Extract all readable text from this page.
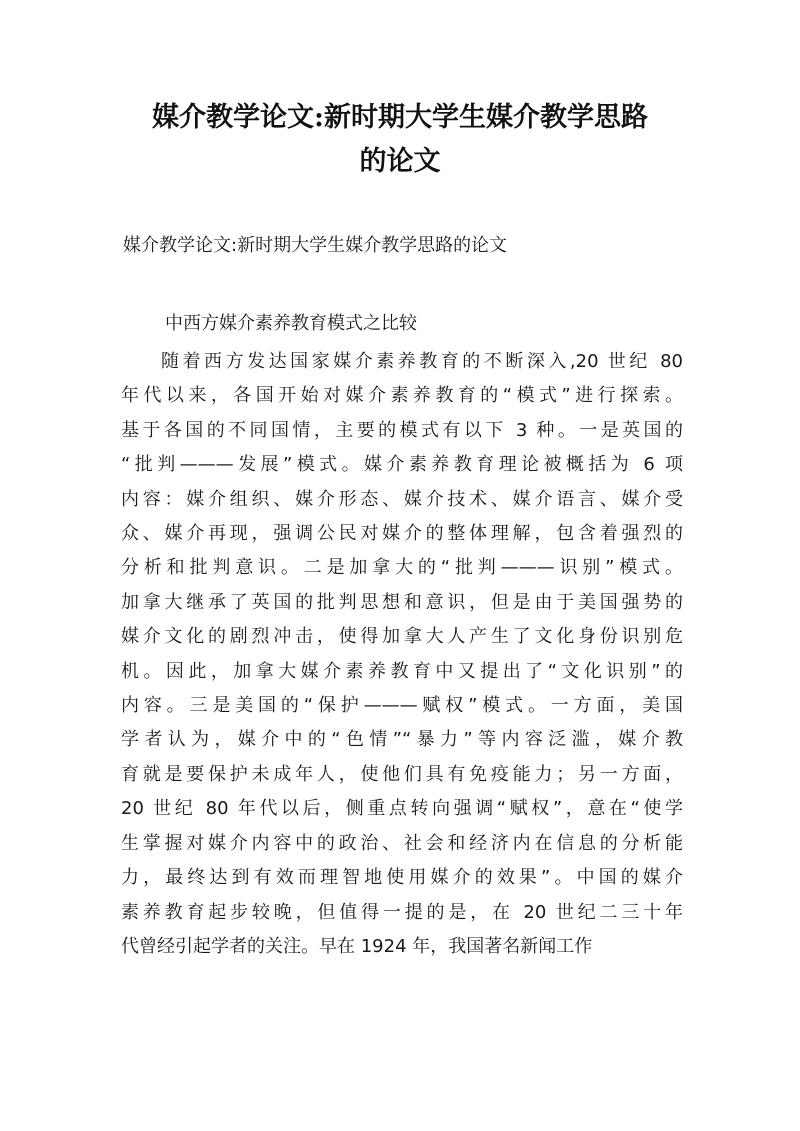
媒介教学论文:新时期大学生媒介教学思路
的论文

媒介教学论文:新时期大学生媒介教学思路的论文

中西方媒介素养教育模式之比较

随着西方发达国家媒介素养教育的不断深入,20 世纪 80
年代以来，各国开始对媒介素养教育的“模式”进行探索。
基于各国的不同国情，主要的模式有以下 3 种。一是英国的
“批判———发展”模式。媒介素养教育理论被概括为 6 项
内容：媒介组织、媒介形态、媒介技术、媒介语言、媒介受
众、媒介再现，强调公民对媒介的整体理解，包含着强烈的
分析和批判意识。二是加拿大的“批判———识别”模式。
加拿大继承了英国的批判思想和意识，但是由于美国强势的
媒介文化的剧烈冲击，使得加拿大人产生了文化身份识别危
机。因此，加拿大媒介素养教育中又提出了“文化识别”的
内容。三是美国的“保护———赋权”模式。一方面，美国
学者认为，媒介中的“色情”“暴力”等内容泛滥，媒介教
育就是要保护未成年人，使他们具有免疫能力；另一方面，
20 世纪 80 年代以后，侧重点转向强调“赋权”，意在“使学
生掌握对媒介内容中的政治、社会和经济内在信息的分析能
力，最终达到有效而理智地使用媒介的效果”。中国的媒介
素养教育起步较晚，但值得一提的是，在 20 世纪二三十年
代曾经引起学者的关注。早在 1924 年，我国著名新闻工作
